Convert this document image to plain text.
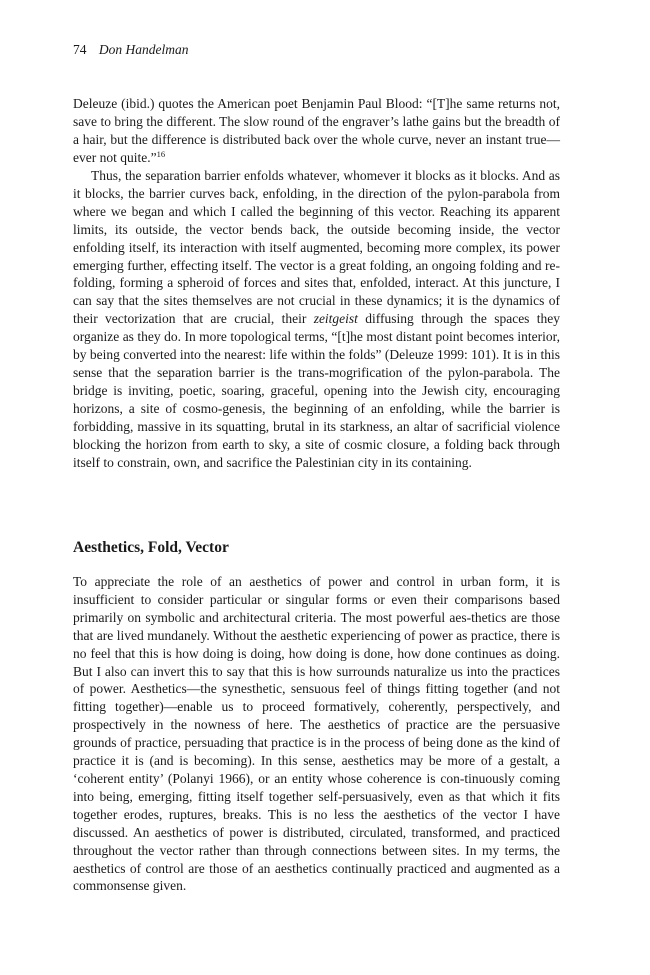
74 Don Handelman

Deleuze (ibid.) quotes the American poet Benjamin Paul Blood: “[T]he same returns not, save to bring the different. The slow round of the engraver’s lathe gains but the breadth of a hair, but the difference is distributed back over the whole curve, never an instant true—ever not quite.”$^{16}$

Thus, the separation barrier enfolds whatever, whomever it blocks as it blocks. And as it blocks, the barrier curves back, enfolding, in the direction of the pylon-parabola from where we began and which I called the beginning of this vector. Reaching its apparent limits, its outside, the vector bends back, the outside becoming inside, the vector enfolding itself, its interaction with itself augmented, becoming more complex, its power emerging further, effecting itself. The vector is a great folding, an ongoing folding and re-folding, forming a spheroid of forces and sites that, enfolded, interact. At this juncture, I can say that the sites themselves are not crucial in these dynamics; it is the dynamics of their vectorization that are crucial, their zeitgeist diffusing through the spaces they organize as they do. In more topological terms, “[t]he most distant point becomes interior, by being converted into the nearest: life within the folds” (Deleuze 1999: 101). It is in this sense that the separation barrier is the trans-mogrification of the pylon-parabola. The bridge is inviting, poetic, soaring, graceful, opening into the Jewish city, encouraging horizons, a site of cosmo-genesis, the beginning of an enfolding, while the barrier is forbidding, massive in its squatting, brutal in its starkness, an altar of sacrificial violence blocking the horizon from earth to sky, a site of cosmic closure, a folding back through itself to constrain, own, and sacrifice the Palestinian city in its containing.

Aesthetics, Fold, Vector

To appreciate the role of an aesthetics of power and control in urban form, it is insufficient to consider particular or singular forms or even their comparisons based primarily on symbolic and architectural criteria. The most powerful aes-thetics are those that are lived mundanely. Without the aesthetic experiencing of power as practice, there is no feel that this is how doing is doing, how doing is done, how done continues as doing. But I also can invert this to say that this is how surrounds naturalize us into the practices of power. Aesthetics—the synesthetic, sensuous feel of things fitting together (and not fitting together)—enable us to proceed formatively, coherently, perspectively, and prospectively in the nowness of here. The aesthetics of practice are the persuasive grounds of practice, persuading that practice is in the process of being done as the kind of practice it is (and is becoming). In this sense, aesthetics may be more of a gestalt, a ‘coherent entity’ (Polanyi 1966), or an entity whose coherence is con-tinuously coming into being, emerging, fitting itself together self-persuasively, even as that which it fits together erodes, ruptures, breaks. This is no less the aesthetics of the vector I have discussed. An aesthetics of power is distributed, circulated, transformed, and practiced throughout the vector rather than through connections between sites. In my terms, the aesthetics of control are those of an aesthetics continually practiced and augmented as a commonsense given.
